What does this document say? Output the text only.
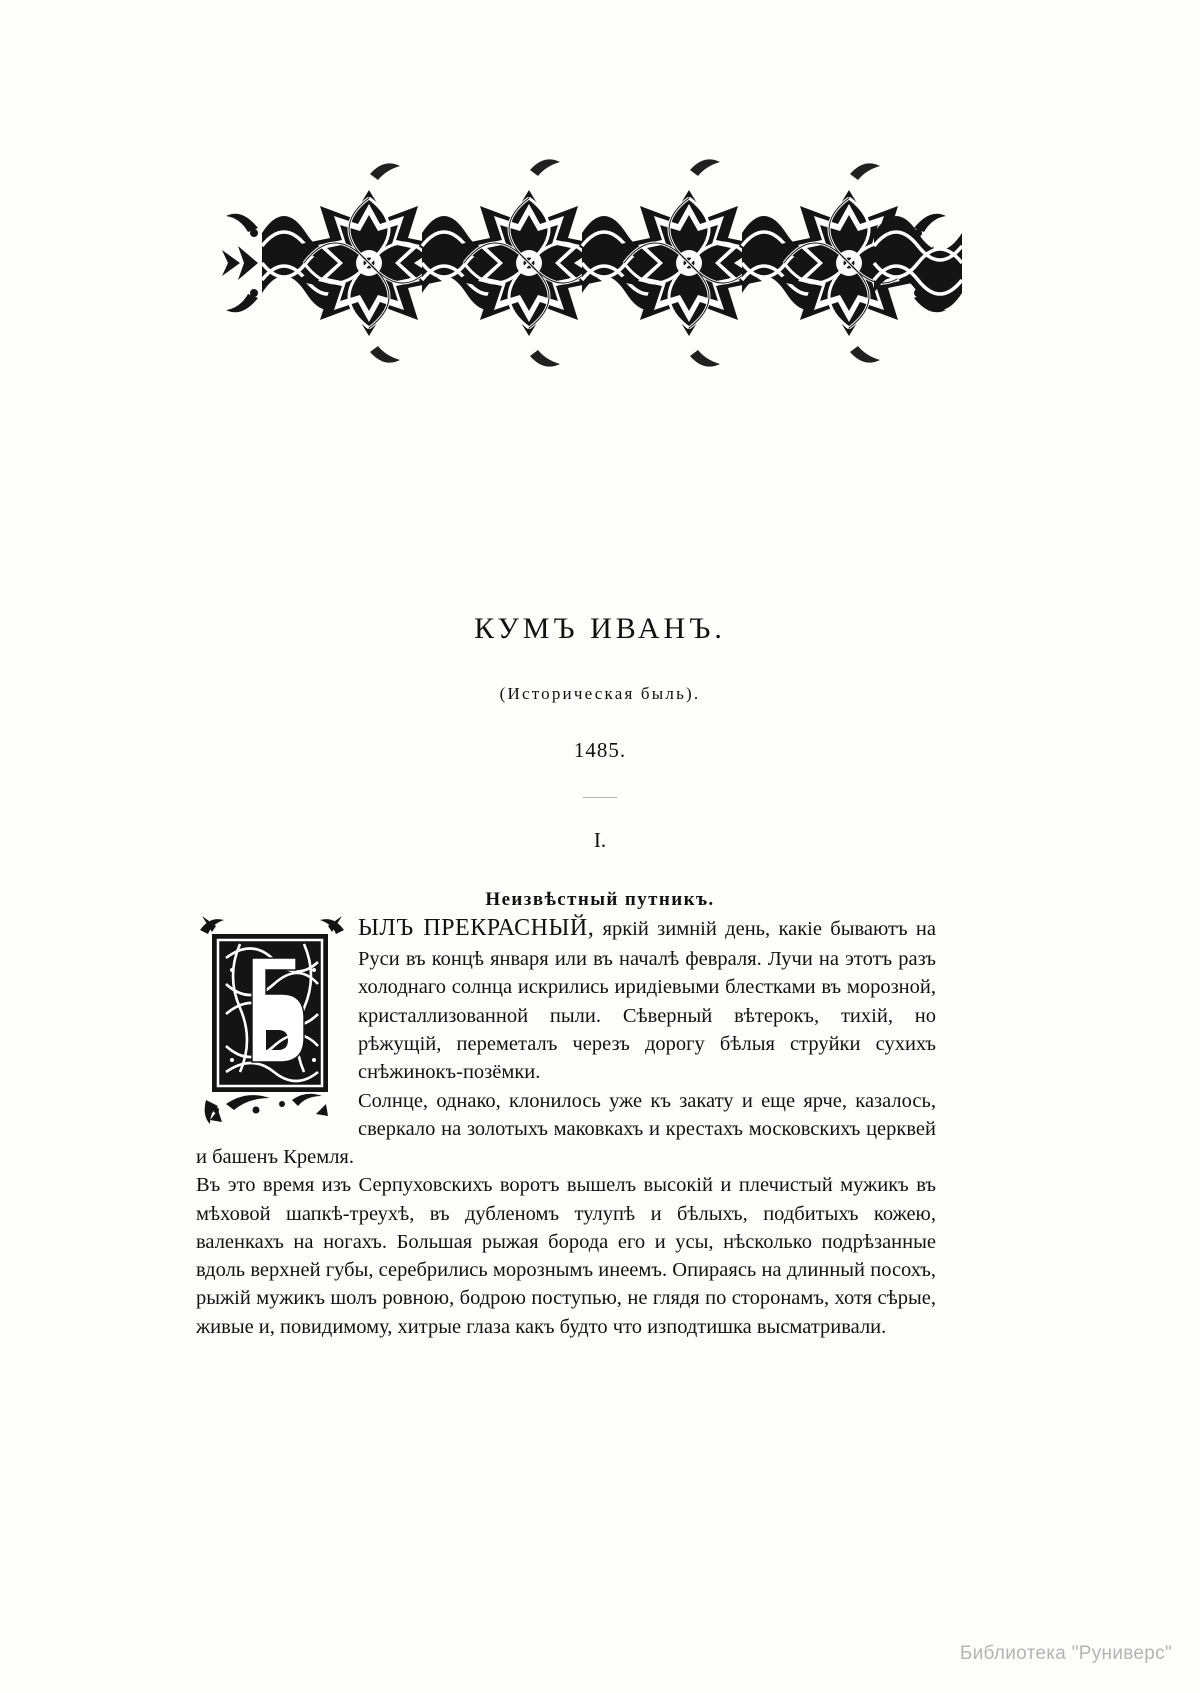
КУМЪ ИВАНЪ.
(Историческая быль).
1485.
I.
Неизвѣстный путникъ.

ЫЛЪ ПРЕКРАСНЫЙ, яркій зимній день, какіе бываютъ на Руси въ концѣ января или въ началѣ февраля. Лучи на этотъ разъ холоднаго солнца искрились иридіевыми блестками въ морозной, кристаллизованной пыли. Сѣверный вѣтерокъ, тихій, но рѣжущій, переметалъ черезъ дорогу бѣлыя струйки сухихъ снѣжинокъ-позёмки.

Солнце, однако, клонилось уже къ закату и еще ярче, казалось, сверкало на золотыхъ маковкахъ и крестахъ московскихъ церквей и башенъ Кремля.

Въ это время изъ Серпуховскихъ воротъ вышелъ высокій и плечистый мужикъ въ мѣховой шапкѣ-треухѣ, въ дубленомъ тулупѣ и бѣлыхъ, подбитыхъ кожею, валенкахъ на ногахъ. Большая рыжая борода его и усы, нѣсколько подрѣзанные вдоль верхней губы, серебрились морознымъ инеемъ. Опираясь на длинный посохъ, рыжій мужикъ шолъ ровною, бодрою поступью, не глядя по сторонамъ, хотя сѣрые, живые и, повидимому, хитрые глаза какъ будто что изподтишка высматривали.

Библиотека "Руниверс"
